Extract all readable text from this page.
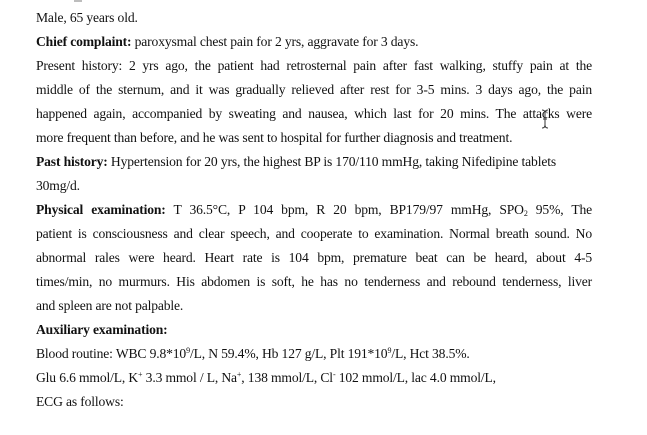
Male, 65 years old.
Chief complaint: paroxysmal chest pain for 2 yrs, aggravate for 3 days.
Present history: 2 yrs ago, the patient had retrosternal pain after fast walking, stuffy pain at the
middle of the sternum, and it was gradually relieved after rest for 3-5 mins. 3 days ago, the pain
happened again, accompanied by sweating and nausea, which last for 20 mins. The attacks were
more frequent than before, and he was sent to hospital for further diagnosis and treatment.
Past history: Hypertension for 20 yrs, the highest BP is 170/110 mmHg, taking Nifedipine tablets
30mg/d.
Physical examination: T 36.5°C, P 104 bpm, R 20 bpm, BP179/97 mmHg, $SPO_2$ 95%, The
patient is consciousness and clear speech, and cooperate to examination. Normal breath sound. No
abnormal rales were heard. Heart rate is 104 bpm, premature beat can be heard, about 4-5
times/min, no murmurs. His abdomen is soft, he has no tenderness and rebound tenderness, liver
and spleen are not palpable.
Auxiliary examination:
Blood routine: WBC $9.8*10^9/L$, N 59.4%, Hb 127 g/L, Plt $191*10^9/L$, Hct 38.5%.
Glu 6.6 mmol/L, K+ 3.3 mmol / L, Na+, 138 mmol/L, Cl- 102 mmol/L, lac 4.0 mmol/L,
ECG as follows:
